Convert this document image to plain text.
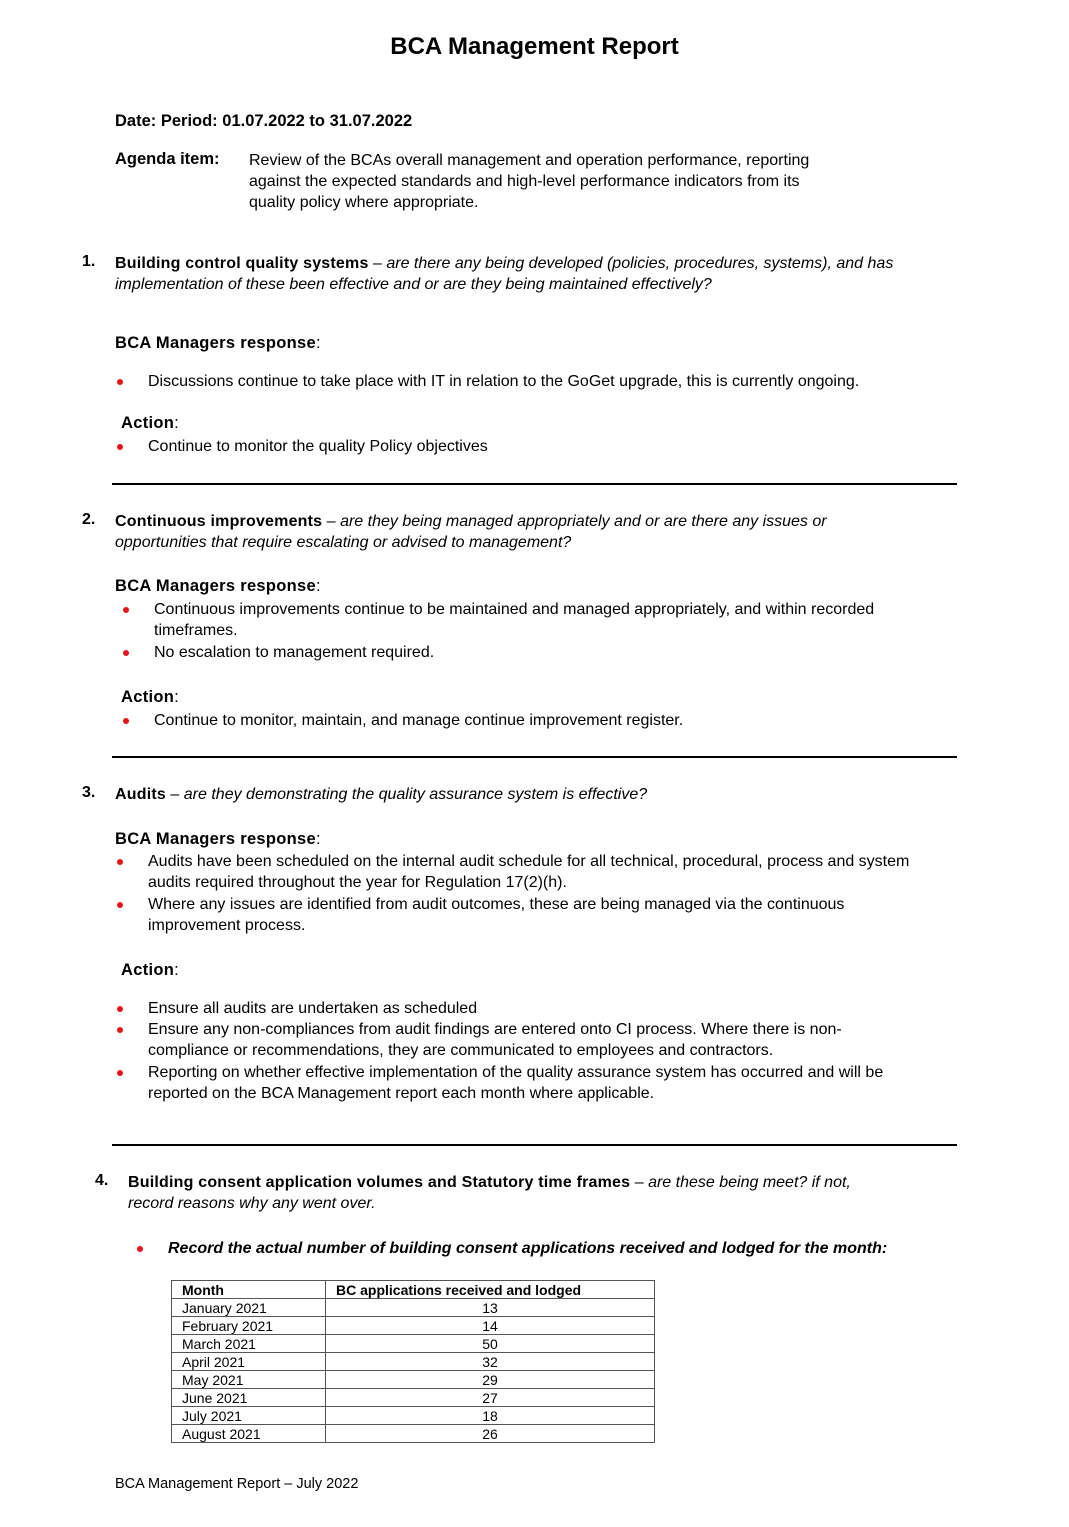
BCA Management Report
Date: Period: 01.07.2022 to 31.07.2022
Agenda item: Review of the BCAs overall management and operation performance, reporting
against the expected standards and high-level performance indicators from its
quality policy where appropriate.
1. Building control quality systems – are there any being developed (policies, procedures, systems), and has
implementation of these been effective and or are they being maintained effectively?
BCA Managers response:
Discussions continue to take place with IT in relation to the GoGet upgrade, this is currently ongoing.
Action:
Continue to monitor the quality Policy objectives
2. Continuous improvements – are they being managed appropriately and or are there any issues or
opportunities that require escalating or advised to management?
BCA Managers response:
Continuous improvements continue to be maintained and managed appropriately, and within recorded
timeframes.
No escalation to management required.
Action:
Continue to monitor, maintain, and manage continue improvement register.
3. Audits – are they demonstrating the quality assurance system is effective?
BCA Managers response:
Audits have been scheduled on the internal audit schedule for all technical, procedural, process and system
audits required throughout the year for Regulation 17(2)(h).
Where any issues are identified from audit outcomes, these are being managed via the continuous
improvement process.
Action:
Ensure all audits are undertaken as scheduled
Ensure any non-compliances from audit findings are entered onto CI process. Where there is non-
compliance or recommendations, they are communicated to employees and contractors.
Reporting on whether effective implementation of the quality assurance system has occurred and will be
reported on the BCA Management report each month where applicable.
4. Building consent application volumes and Statutory time frames – are these being meet? if not,
record reasons why any went over.
Record the actual number of building consent applications received and lodged for the month:
Month	BC applications received and lodged
January 2021	13
February 2021	14
March 2021	50
April 2021	32
May 2021	29
June 2021	27
July 2021	18
August 2021	26
BCA Management Report – July 2022
